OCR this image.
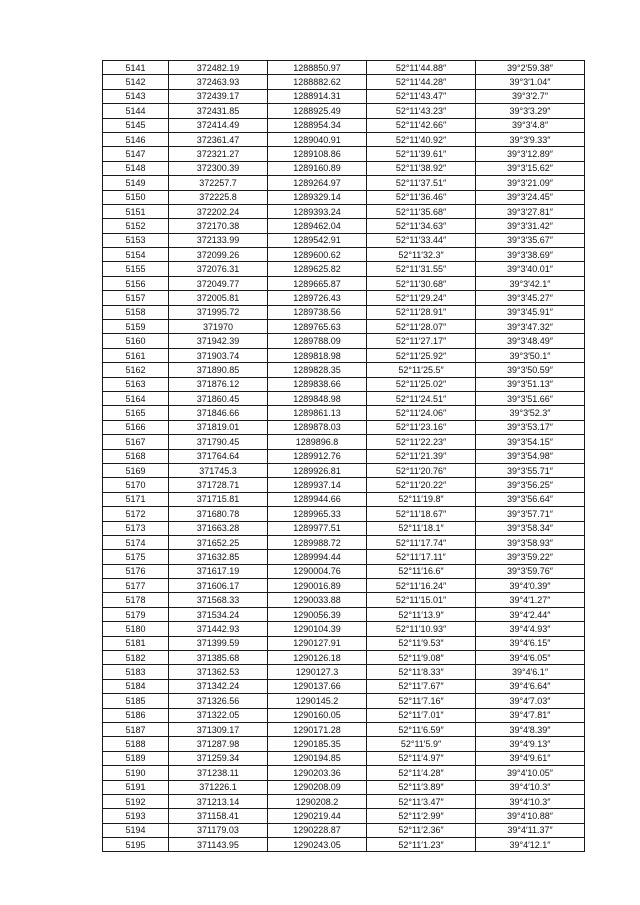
5141	372482.19	1288850.97	52°11′44.88″	39°2′59.38″
5142	372463.93	1288882.62	52°11′44.28″	39°3′1.04″
5143	372439.17	1288914.31	52°11′43.47″	39°3′2.7″
5144	372431.85	1288925.49	52°11′43.23″	39°3′3.29″
5145	372414.49	1288954.34	52°11′42.66″	39°3′4.8″
5146	372361.47	1289040.91	52°11′40.92″	39°3′9.33″
5147	372321.27	1289108.86	52°11′39.61″	39°3′12.89″
5148	372300.39	1289160.89	52°11′38.92″	39°3′15.62″
5149	372257.7	1289264.97	52°11′37.51″	39°3′21.09″
5150	372225.8	1289329.14	52°11′36.46″	39°3′24.45″
5151	372202.24	1289393.24	52°11′35.68″	39°3′27.81″
5152	372170.38	1289462.04	52°11′34.63″	39°3′31.42″
5153	372133.99	1289542.91	52°11′33.44″	39°3′35.67″
5154	372099.26	1289600.62	52°11′32.3″	39°3′38.69″
5155	372076.31	1289625.82	52°11′31.55″	39°3′40.01″
5156	372049.77	1289665.87	52°11′30.68″	39°3′42.1″
5157	372005.81	1289726.43	52°11′29.24″	39°3′45.27″
5158	371995.72	1289738.56	52°11′28.91″	39°3′45.91″
5159	371970	1289765.63	52°11′28.07″	39°3′47.32″
5160	371942.39	1289788.09	52°11′27.17″	39°3′48.49″
5161	371903.74	1289818.98	52°11′25.92″	39°3′50.1″
5162	371890.85	1289828.35	52°11′25.5″	39°3′50.59″
5163	371876.12	1289838.66	52°11′25.02″	39°3′51.13″
5164	371860.45	1289848.98	52°11′24.51″	39°3′51.66″
5165	371846.66	1289861.13	52°11′24.06″	39°3′52.3″
5166	371819.01	1289878.03	52°11′23.16″	39°3′53.17″
5167	371790.45	1289896.8	52°11′22.23″	39°3′54.15″
5168	371764.64	1289912.76	52°11′21.39″	39°3′54.98″
5169	371745.3	1289926.81	52°11′20.76″	39°3′55.71″
5170	371728.71	1289937.14	52°11′20.22″	39°3′56.25″
5171	371715.81	1289944.66	52°11′19.8″	39°3′56.64″
5172	371680.78	1289965.33	52°11′18.67″	39°3′57.71″
5173	371663.28	1289977.51	52°11′18.1″	39°3′58.34″
5174	371652.25	1289988.72	52°11′17.74″	39°3′58.93″
5175	371632.85	1289994.44	52°11′17.11″	39°3′59.22″
5176	371617.19	1290004.76	52°11′16.6″	39°3′59.76″
5177	371606.17	1290016.89	52°11′16.24″	39°4′0.39″
5178	371568.33	1290033.88	52°11′15.01″	39°4′1.27″
5179	371534.24	1290056.39	52°11′13.9″	39°4′2.44″
5180	371442.93	1290104.39	52°11′10.93″	39°4′4.93″
5181	371399.59	1290127.91	52°11′9.53″	39°4′6.15″
5182	371385.68	1290126.18	52°11′9.08″	39°4′6.05″
5183	371362.53	1290127.3	52°11′8.33″	39°4′6.1″
5184	371342.24	1290137.66	52°11′7.67″	39°4′6.64″
5185	371326.56	1290145.2	52°11′7.16″	39°4′7.03″
5186	371322.05	1290160.05	52°11′7.01″	39°4′7.81″
5187	371309.17	1290171.28	52°11′6.59″	39°4′8.39″
5188	371287.98	1290185.35	52°11′5.9″	39°4′9.13″
5189	371259.34	1290194.85	52°11′4.97″	39°4′9.61″
5190	371238.11	1290203.36	52°11′4.28″	39°4′10.05″
5191	371226.1	1290208.09	52°11′3.89″	39°4′10.3″
5192	371213.14	1290208.2	52°11′3.47″	39°4′10.3″
5193	371158.41	1290219.44	52°11′2.99″	39°4′10.88″
5194	371179.03	1290228.87	52°11′2.36″	39°4′11.37″
5195	371143.95	1290243.05	52°11′1.23″	39°4′12.1″
